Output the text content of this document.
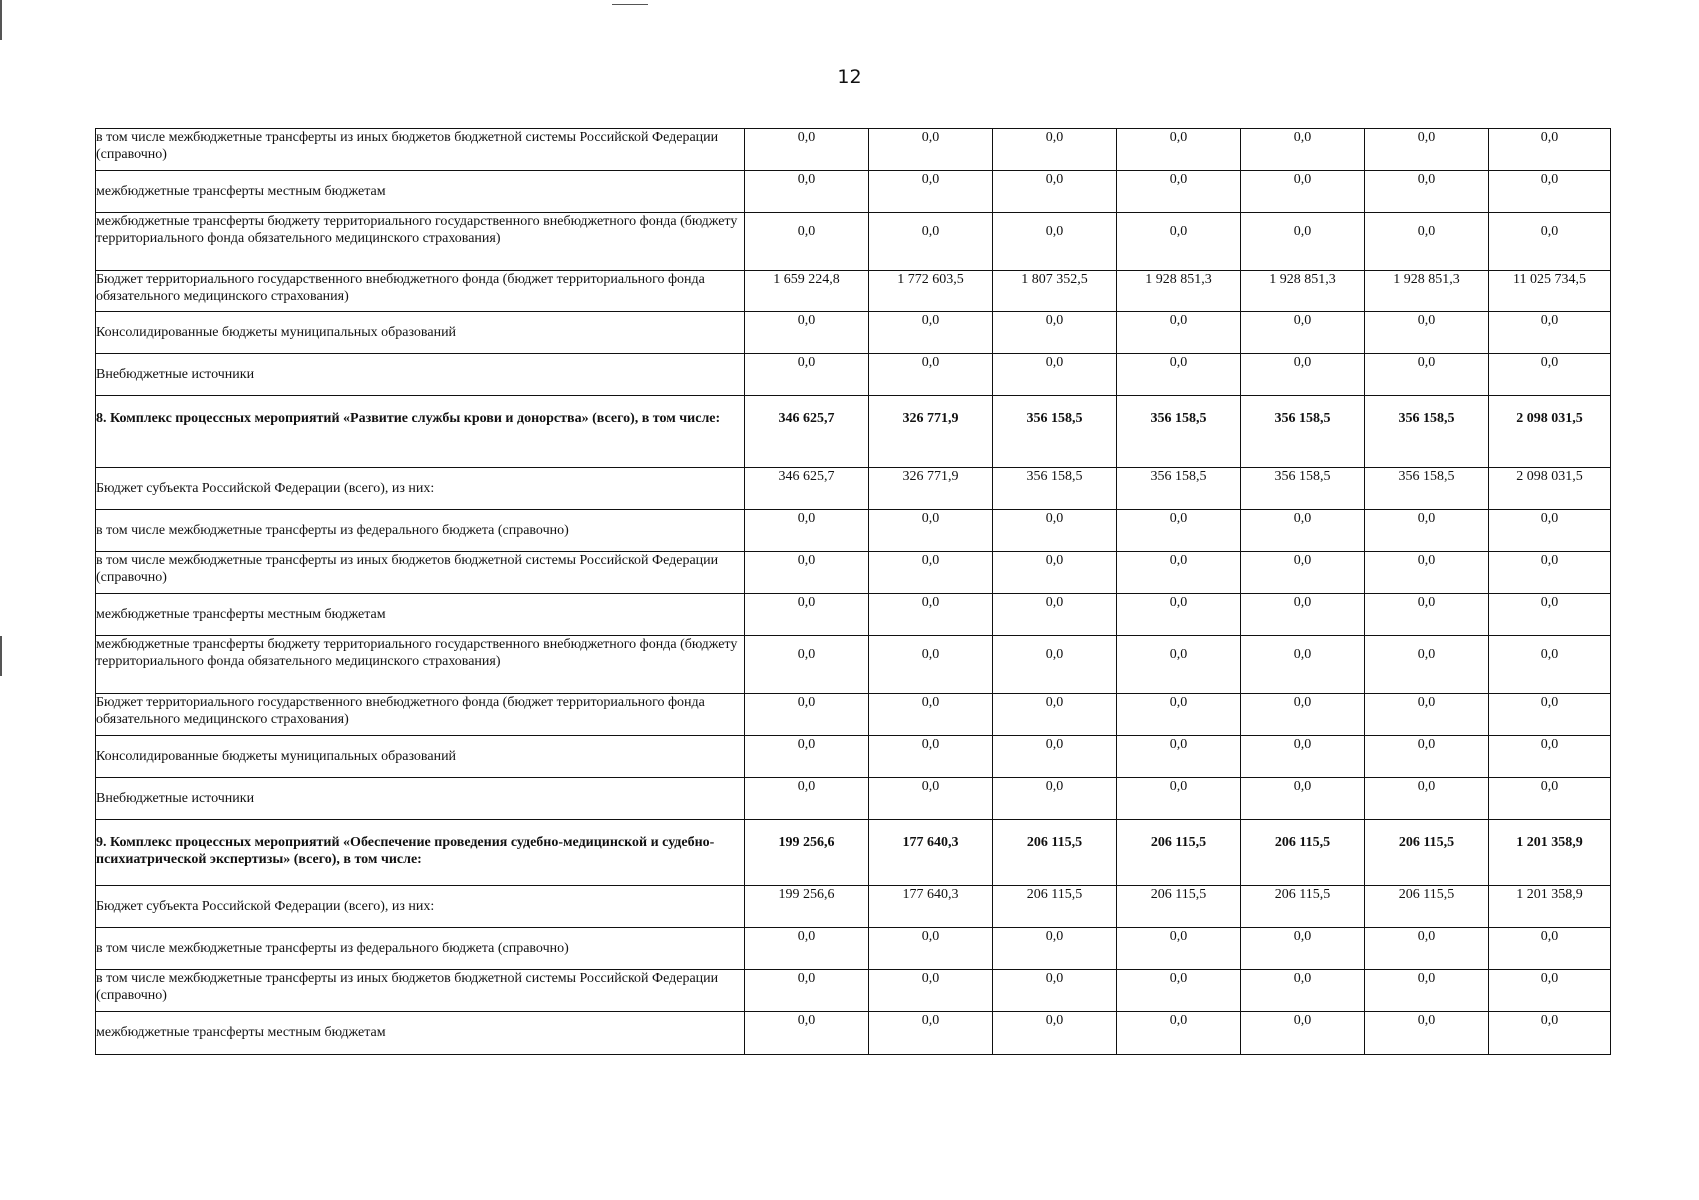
12
в том числе межбюджетные трансферты из иных бюджетов бюджетной системы Российской Федерации (справочно)	0,0	0,0	0,0	0,0	0,0	0,0	0,0

межбюджетные трансферты местным бюджетам	0,0	0,0	0,0	0,0	0,0	0,0	0,0

межбюджетные трансферты бюджету территориального государственного внебюджетного фонда (бюджету территориального фонда обязательного медицинского страхования)	0,0	0,0	0,0	0,0	0,0	0,0	0,0

Бюджет территориального государственного внебюджетного фонда (бюджет территориального фонда обязательного медицинского страхования)	1 659 224,8	1 772 603,5	1 807 352,5	1 928 851,3	1 928 851,3	1 928 851,3	11 025 734,5

Консолидированные бюджеты муниципальных образований	0,0	0,0	0,0	0,0	0,0	0,0	0,0

Внебюджетные источники	0,0	0,0	0,0	0,0	0,0	0,0	0,0

8. Комплекс процессных мероприятий «Развитие службы крови и донорства» (всего), в том числе:	346 625,7	326 771,9	356 158,5	356 158,5	356 158,5	356 158,5	2 098 031,5

Бюджет субъекта Российской Федерации (всего), из них:	346 625,7	326 771,9	356 158,5	356 158,5	356 158,5	356 158,5	2 098 031,5

в том числе межбюджетные трансферты из федерального бюджета (справочно)	0,0	0,0	0,0	0,0	0,0	0,0	0,0

в том числе межбюджетные трансферты из иных бюджетов бюджетной системы Российской Федерации (справочно)	0,0	0,0	0,0	0,0	0,0	0,0	0,0

межбюджетные трансферты местным бюджетам	0,0	0,0	0,0	0,0	0,0	0,0	0,0

межбюджетные трансферты бюджету территориального государственного внебюджетного фонда (бюджету территориального фонда обязательного медицинского страхования)	0,0	0,0	0,0	0,0	0,0	0,0	0,0

Бюджет территориального государственного внебюджетного фонда (бюджет территориального фонда обязательного медицинского страхования)	0,0	0,0	0,0	0,0	0,0	0,0	0,0

Консолидированные бюджеты муниципальных образований	0,0	0,0	0,0	0,0	0,0	0,0	0,0

Внебюджетные источники	0,0	0,0	0,0	0,0	0,0	0,0	0,0

9. Комплекс процессных мероприятий «Обеспечение проведения судебно-медицинской и судебно-психиатрической экспертизы» (всего), в том числе:	199 256,6	177 640,3	206 115,5	206 115,5	206 115,5	206 115,5	1 201 358,9

Бюджет субъекта Российской Федерации (всего), из них:	199 256,6	177 640,3	206 115,5	206 115,5	206 115,5	206 115,5	1 201 358,9

в том числе межбюджетные трансферты из федерального бюджета (справочно)	0,0	0,0	0,0	0,0	0,0	0,0	0,0

в том числе межбюджетные трансферты из иных бюджетов бюджетной системы Российской Федерации (справочно)	0,0	0,0	0,0	0,0	0,0	0,0	0,0

межбюджетные трансферты местным бюджетам	0,0	0,0	0,0	0,0	0,0	0,0	0,0
